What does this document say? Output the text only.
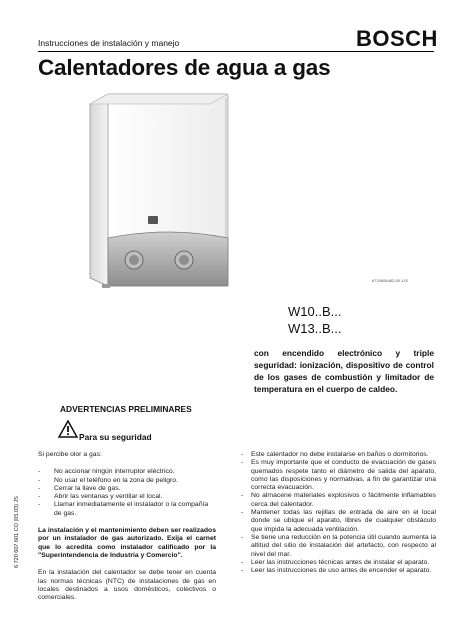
Instrucciones de instalación y manejo	BOSCH
Calentadores de agua a gas
6720606482-00.1JS
W10..B...
W13..B...
con encendido electrónico y triple seguridad: ionización, dispositivo de control de los gases de combustión y limitador de temperatura en el cuerpo de caldeo.
ADVERTENCIAS PRELIMINARES
Para su seguridad
6 720 607 601 CO (05.03) JS

Si percibe olor a gas:

- No accionar ningún interruptor eléctrico.

- No usar el teléfono en la zona de peligro.

- Cerrar la llave de gas.

- Abrir las ventanas y ventilar el local.

- Llamar inmediatamente el instalador o la compañía de gas.

La instalación y el mantenimiento deben ser realizados por un instalador de gas autorizado. Exija el carnet que lo acredita como instalador calificado por la "Superintendencia de Industria y Comercio".

En la instalación del calentador se debe tener en cuenta las normas técnicas (NTC) de instalaciones de gas en locales destinados a usos domésticos, colectivos o comerciales.

- Este calentador no debe instalarse en baños o dormitorios.

- Es muy importante que el conducto de evacuación de gases quemados respete tanto el diámetro de salida del aparato, como las disposiciones y normativas, a fin de garantizar una correcta evacuación.

- No almacene materiales explosivos o fácilmente inflamables cerca del calentador.

- Mantener todas las rejillas de entrada de aire en el local donde se ubique el aparato, libres de cualquier obstáculo que impida la adecuada ventilación.

- Se tiene una reducción en la potencia útil cuando aumenta la altitud del sitio de instalación del artefacto, con respecto al nivel del mar.

- Leer las instrucciones técnicas antes de instalar el aparato.

- Leer las instrucciones de uso antes de encender el aparato.
